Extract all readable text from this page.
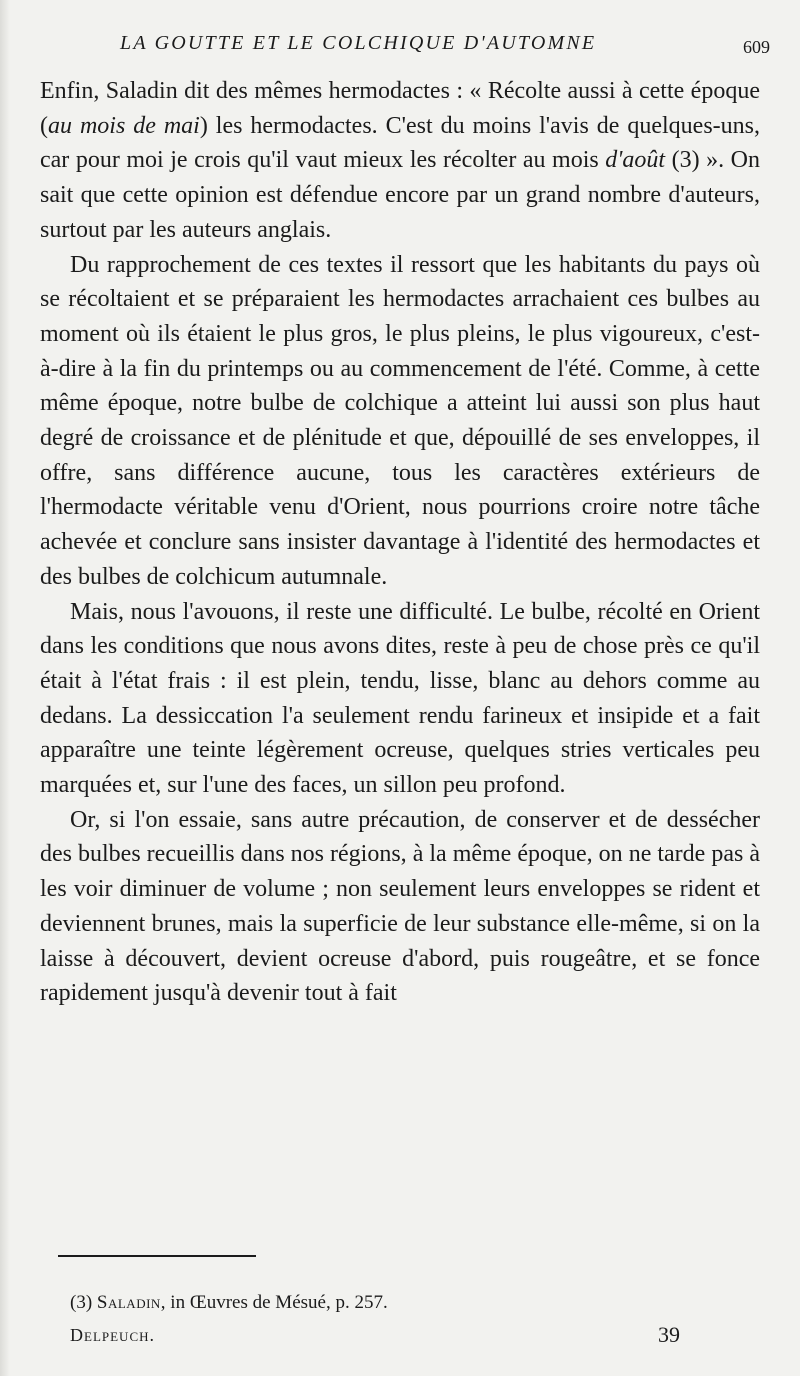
LA GOUTTE ET LE COLCHIQUE D'AUTOMNE	609

Enfin, Saladin dit des mêmes hermodactes : « Récolte aussi à cette époque (au mois de mai) les hermodactes. C'est du moins l'avis de quelques-uns, car pour moi je crois qu'il vaut mieux les récolter au mois d'août (3) ». On sait que cette opinion est défendue encore par un grand nombre d'auteurs, surtout par les auteurs anglais.

Du rapprochement de ces textes il ressort que les habitants du pays où se récoltaient et se préparaient les hermodactes arrachaient ces bulbes au moment où ils étaient le plus gros, le plus pleins, le plus vigoureux, c'est-à-dire à la fin du printemps ou au commencement de l'été. Comme, à cette même époque, notre bulbe de colchique a atteint lui aussi son plus haut degré de croissance et de plénitude et que, dépouillé de ses enveloppes, il offre, sans différence aucune, tous les caractères extérieurs de l'hermodacte véritable venu d'Orient, nous pourrions croire notre tâche achevée et conclure sans insister davantage à l'identité des hermodactes et des bulbes de colchicum autumnale.

Mais, nous l'avouons, il reste une difficulté. Le bulbe, récolté en Orient dans les conditions que nous avons dites, reste à peu de chose près ce qu'il était à l'état frais : il est plein, tendu, lisse, blanc au dehors comme au dedans. La dessiccation l'a seulement rendu farineux et insipide et a fait apparaître une teinte légèrement ocreuse, quelques stries verticales peu marquées et, sur l'une des faces, un sillon peu profond.

Or, si l'on essaie, sans autre précaution, de conserver et de dessécher des bulbes recueillis dans nos régions, à la même époque, on ne tarde pas à les voir diminuer de volume ; non seulement leurs enveloppes se rident et deviennent brunes, mais la superficie de leur substance elle-même, si on la laisse à découvert, devient ocreuse d'abord, puis rougeâtre, et se fonce rapidement jusqu'à devenir tout à fait

(3) Saladin, in Œuvres de Mésué, p. 257.
Delpeuch.	39
